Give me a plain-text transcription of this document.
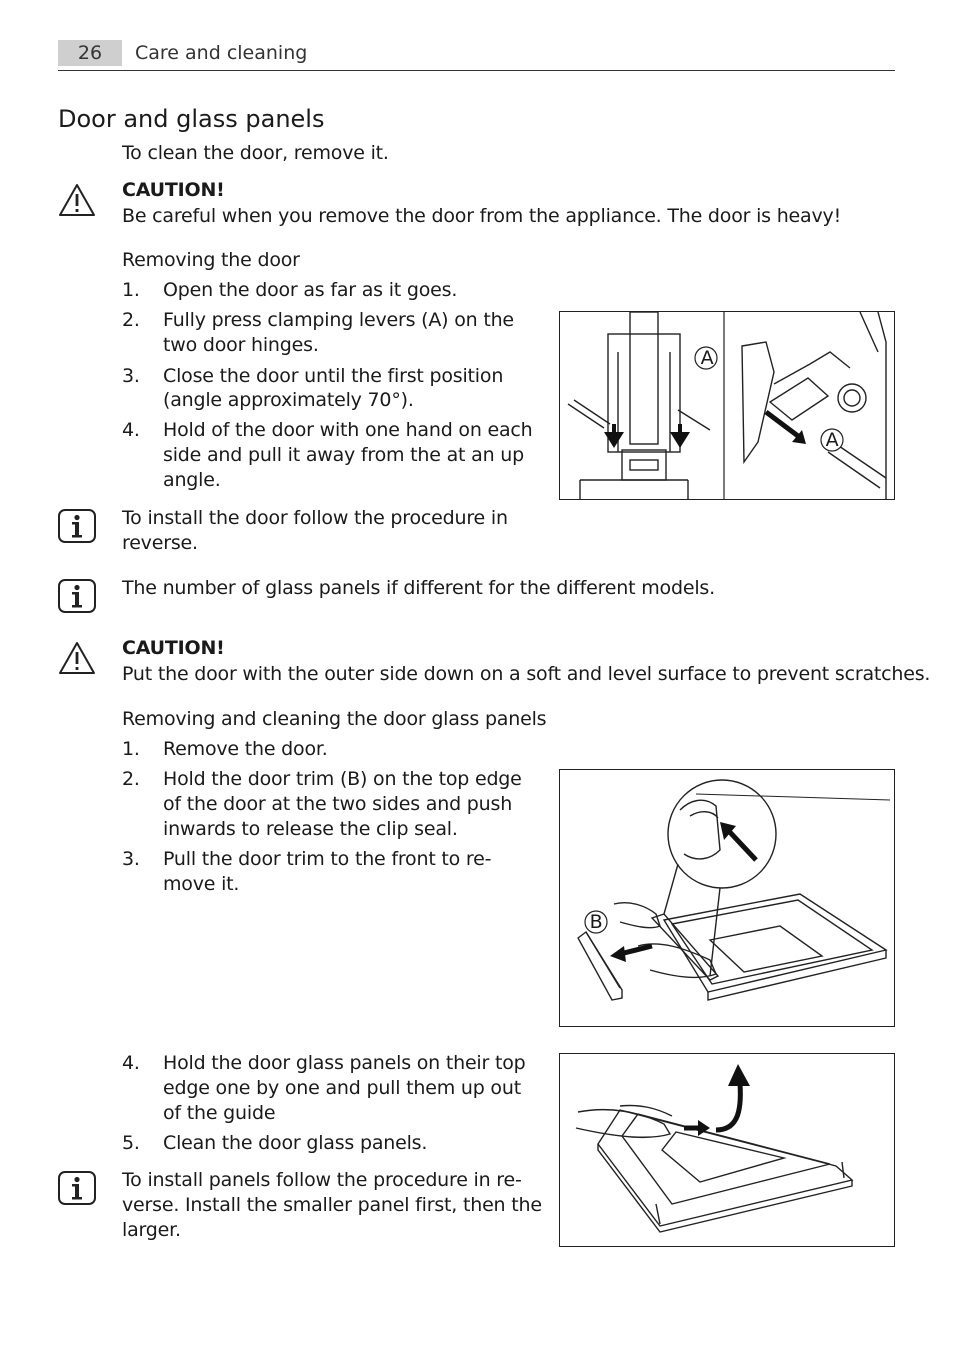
26	Care and cleaning
Door and glass panels
To clean the door, remove it.
CAUTION!
Be careful when you remove the door from the appliance. The door is heavy!
Removing the door
1. Open the door as far as it goes.
2. Fully press clamping levers (A) on the
two door hinges.
3. Close the door until the first position
(angle approximately 70°).
4. Hold of the door with one hand on each
side and pull it away from the at an up
angle.
A
A
To install the door follow the procedure in
reverse.
The number of glass panels if different for the different models.
CAUTION!
Put the door with the outer side down on a soft and level surface to prevent scratches.
Removing and cleaning the door glass panels
1. Remove the door.
2. Hold the door trim (B) on the top edge
of the door at the two sides and push
inwards to release the clip seal.
3. Pull the door trim to the front to re-
move it.
B
4. Hold the door glass panels on their top
edge one by one and pull them up out
of the guide
5. Clean the door glass panels.
To install panels follow the procedure in re-
verse. Install the smaller panel first, then the
larger.
